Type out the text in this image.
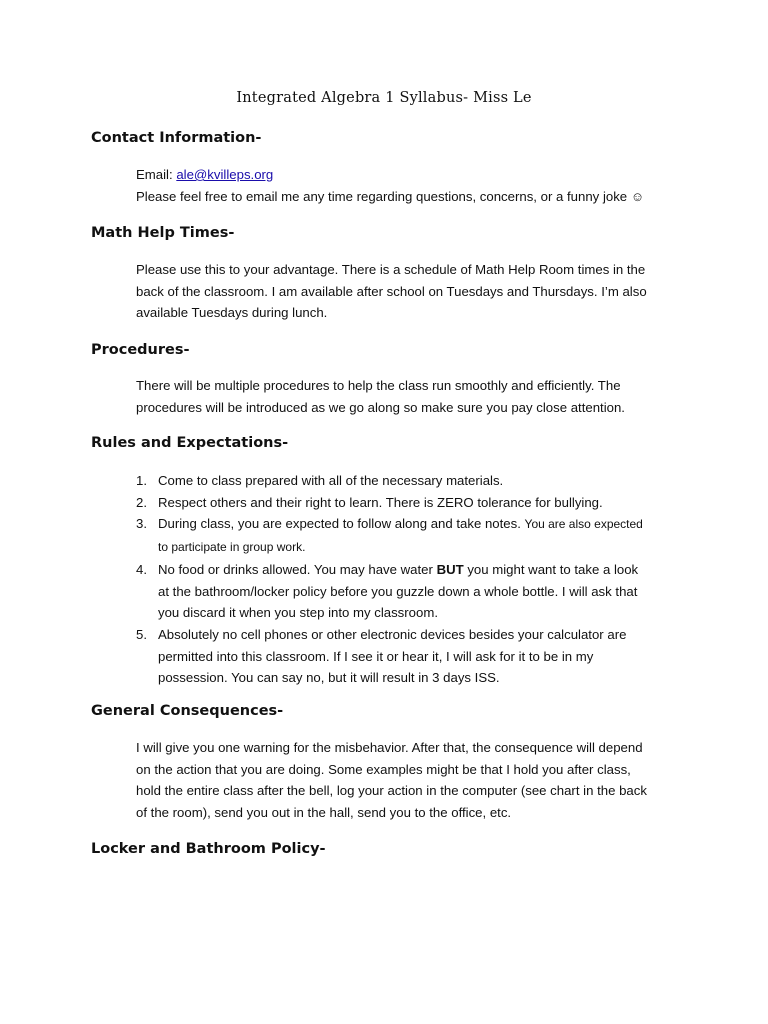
Integrated Algebra 1 Syllabus- Miss Le
Contact Information-

Email: ale@kvilleps.org

Please feel free to email me any time regarding questions, concerns, or a funny joke ☺

Math Help Times-

Please use this to your advantage. There is a schedule of Math Help Room times in the

back of the classroom. I am available after school on Tuesdays and Thursdays. I’m also

available Tuesdays during lunch.

Procedures-

There will be multiple procedures to help the class run smoothly and efficiently. The

procedures will be introduced as we go along so make sure you pay close attention.

Rules and Expectations-
1. Come to class prepared with all of the necessary materials.
2. Respect others and their right to learn. There is ZERO tolerance for bullying.
3. During class, you are expected to follow along and take notes. You are also expected
to participate in group work.
4. No food or drinks allowed. You may have water BUT you might want to take a look
at the bathroom/locker policy before you guzzle down a whole bottle. I will ask that
you discard it when you step into my classroom.
5. Absolutely no cell phones or other electronic devices besides your calculator are
permitted into this classroom. If I see it or hear it, I will ask for it to be in my
possession. You can say no, but it will result in 3 days ISS.
General Consequences-

I will give you one warning for the misbehavior. After that, the consequence will depend

on the action that you are doing. Some examples might be that I hold you after class,

hold the entire class after the bell, log your action in the computer (see chart in the back

of the room), send you out in the hall, send you to the office, etc.

Locker and Bathroom Policy-
